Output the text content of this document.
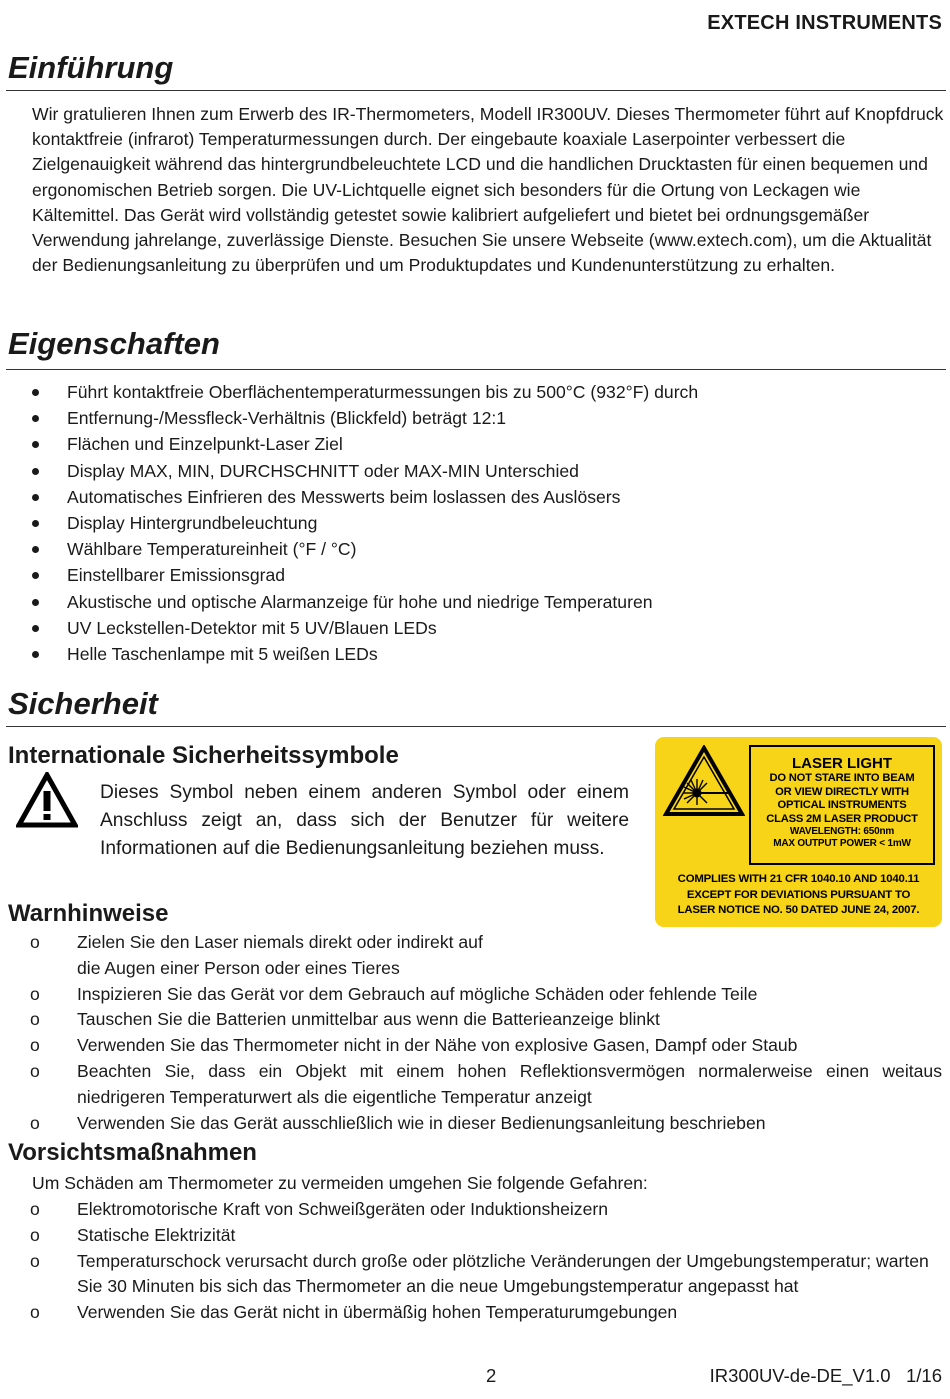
EXTECH INSTRUMENTS
Einführung

Wir gratulieren Ihnen zum Erwerb des IR-Thermometers, Modell IR300UV. Dieses Thermometer führt auf Knopfdruck kontaktfreie (infrarot) Temperaturmessungen durch. Der eingebaute koaxiale Laserpointer verbessert die Zielgenauigkeit während das hintergrundbeleuchtete LCD und die handlichen Drucktasten für einen bequemen und ergonomischen Betrieb sorgen. Die UV-Lichtquelle eignet sich besonders für die Ortung von Leckagen wie Kältemittel. Das Gerät wird vollständig getestet sowie kalibriert aufgeliefert und bietet bei ordnungsgemäßer Verwendung jahrelange, zuverlässige Dienste. Besuchen Sie unsere Webseite (www.extech.com), um die Aktualität der Bedienungsanleitung zu überprüfen und um Produktupdates und Kundenunterstützung zu erhalten.

Eigenschaften
Führt kontaktfreie Oberflächentemperaturmessungen bis zu 500°C (932°F) durch
Entfernung-/Messfleck-Verhältnis (Blickfeld) beträgt 12:1
Flächen und Einzelpunkt-Laser Ziel
Display MAX, MIN, DURCHSCHNITT oder MAX-MIN Unterschied
Automatisches Einfrieren des Messwerts beim loslassen des Auslösers
Display Hintergrundbeleuchtung
Wählbare Temperatureinheit (°F / °C)
Einstellbarer Emissionsgrad
Akustische und optische Alarmanzeige für hohe und niedrige Temperaturen
UV Leckstellen-Detektor mit 5 UV/Blauen LEDs
Helle Taschenlampe mit 5 weißen LEDs
Sicherheit
Internationale Sicherheitssymbole

Dieses Symbol neben einem anderen Symbol oder einem Anschluss zeigt an, dass sich der Benutzer für weitere Informationen auf die Bedienungsanleitung beziehen muss.

LASER LIGHT
DO NOT STARE INTO BEAM
OR VIEW DIRECTLY WITH
OPTICAL INSTRUMENTS
CLASS 2M LASER PRODUCT
WAVELENGTH: 650nm
MAX OUTPUT POWER < 1mW
COMPLIES WITH 21 CFR 1040.10 AND 1040.11
EXCEPT FOR DEVIATIONS PURSUANT TO
LASER NOTICE NO. 50 DATED JUNE 24, 2007.
Warnhinweise
o Zielen Sie den Laser niemals direkt oder indirekt auf die Augen einer Person oder eines Tieres
o Inspizieren Sie das Gerät vor dem Gebrauch auf mögliche Schäden oder fehlende Teile
o Tauschen Sie die Batterien unmittelbar aus wenn die Batterieanzeige blinkt
o Verwenden Sie das Thermometer nicht in der Nähe von explosive Gasen, Dampf oder Staub
o Beachten Sie, dass ein Objekt mit einem hohen Reflektionsvermögen normalerweise einen weitaus niedrigeren Temperaturwert als die eigentliche Temperatur anzeigt
o Verwenden Sie das Gerät ausschließlich wie in dieser Bedienungsanleitung beschrieben
Vorsichtsmaßnahmen

Um Schäden am Thermometer zu vermeiden umgehen Sie folgende Gefahren:

o Elektromotorische Kraft von Schweißgeräten oder Induktionsheizern
o Statische Elektrizität
o Temperaturschock verursacht durch große oder plötzliche Veränderungen der Umgebungstemperatur; warten Sie 30 Minuten bis sich das Thermometer an die neue Umgebungstemperatur angepasst hat
o Verwenden Sie das Gerät nicht in übermäßig hohen Temperaturumgebungen
2	IR300UV-de-DE_V1.0   1/16
